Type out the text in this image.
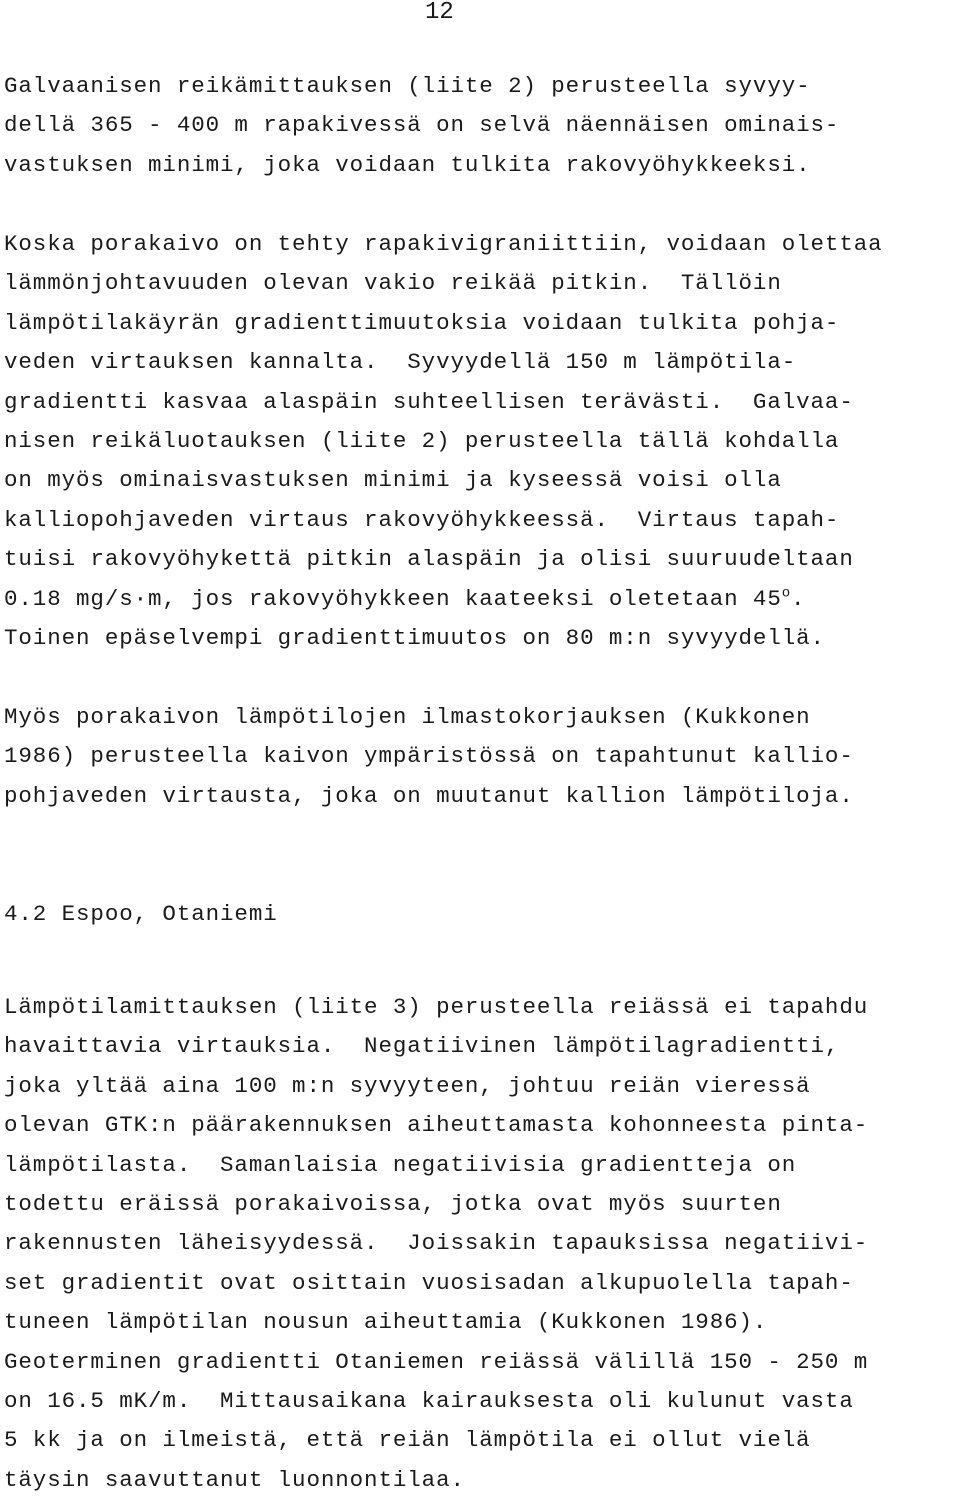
12
Galvaanisen reikämittauksen (liite 2) perusteella syvyy-
dellä 365 - 400 m rapakivessä on selvä näennäisen ominais-
vastuksen minimi, joka voidaan tulkita rakovyöhykkeeksi.
Koska porakaivo on tehty rapakivigraniittiin, voidaan olettaa
lämmönjohtavuuden olevan vakio reikää pitkin.  Tällöin
lämpötilakäyrän gradienttimuutoksia voidaan tulkita pohja-
veden virtauksen kannalta.  Syvyydellä 150 m lämpötila-
gradientti kasvaa alaspäin suhteellisen terävästi.  Galvaa-
nisen reikäluotauksen (liite 2) perusteella tällä kohdalla
on myös ominaisvastuksen minimi ja kyseessä voisi olla
kalliopohjaveden virtaus rakovyöhykkeessä.  Virtaus tapah-
tuisi rakovyöhykettä pitkin alaspäin ja olisi suuruudeltaan
0.18 mg/s·m, jos rakovyöhykkeen kaateeksi oletetaan 45$^o$.
Toinen epäselvempi gradienttimuutos on 80 m:n syvyydellä.
Myös porakaivon lämpötilojen ilmastokorjauksen (Kukkonen
1986) perusteella kaivon ympäristössä on tapahtunut kallio-
pohjaveden virtausta, joka on muutanut kallion lämpötiloja.
4.2 Espoo, Otaniemi
Lämpötilamittauksen (liite 3) perusteella reiässä ei tapahdu
havaittavia virtauksia.  Negatiivinen lämpötilagradientti,
joka yltää aina 100 m:n syvyyteen, johtuu reiän vieressä
olevan GTK:n päärakennuksen aiheuttamasta kohonneesta pinta-
lämpötilasta.  Samanlaisia negatiivisia gradientteja on
todettu eräissä porakaivoissa, jotka ovat myös suurten
rakennusten läheisyydessä.  Joissakin tapauksissa negatiivi-
set gradientit ovat osittain vuosisadan alkupuolella tapah-
tuneen lämpötilan nousun aiheuttamia (Kukkonen 1986).
Geoterminen gradientti Otaniemen reiässä välillä 150 - 250 m
on 16.5 mK/m.  Mittausaikana kairauksesta oli kulunut vasta
5 kk ja on ilmeistä, että reiän lämpötila ei ollut vielä
täysin saavuttanut luonnontilaa.
